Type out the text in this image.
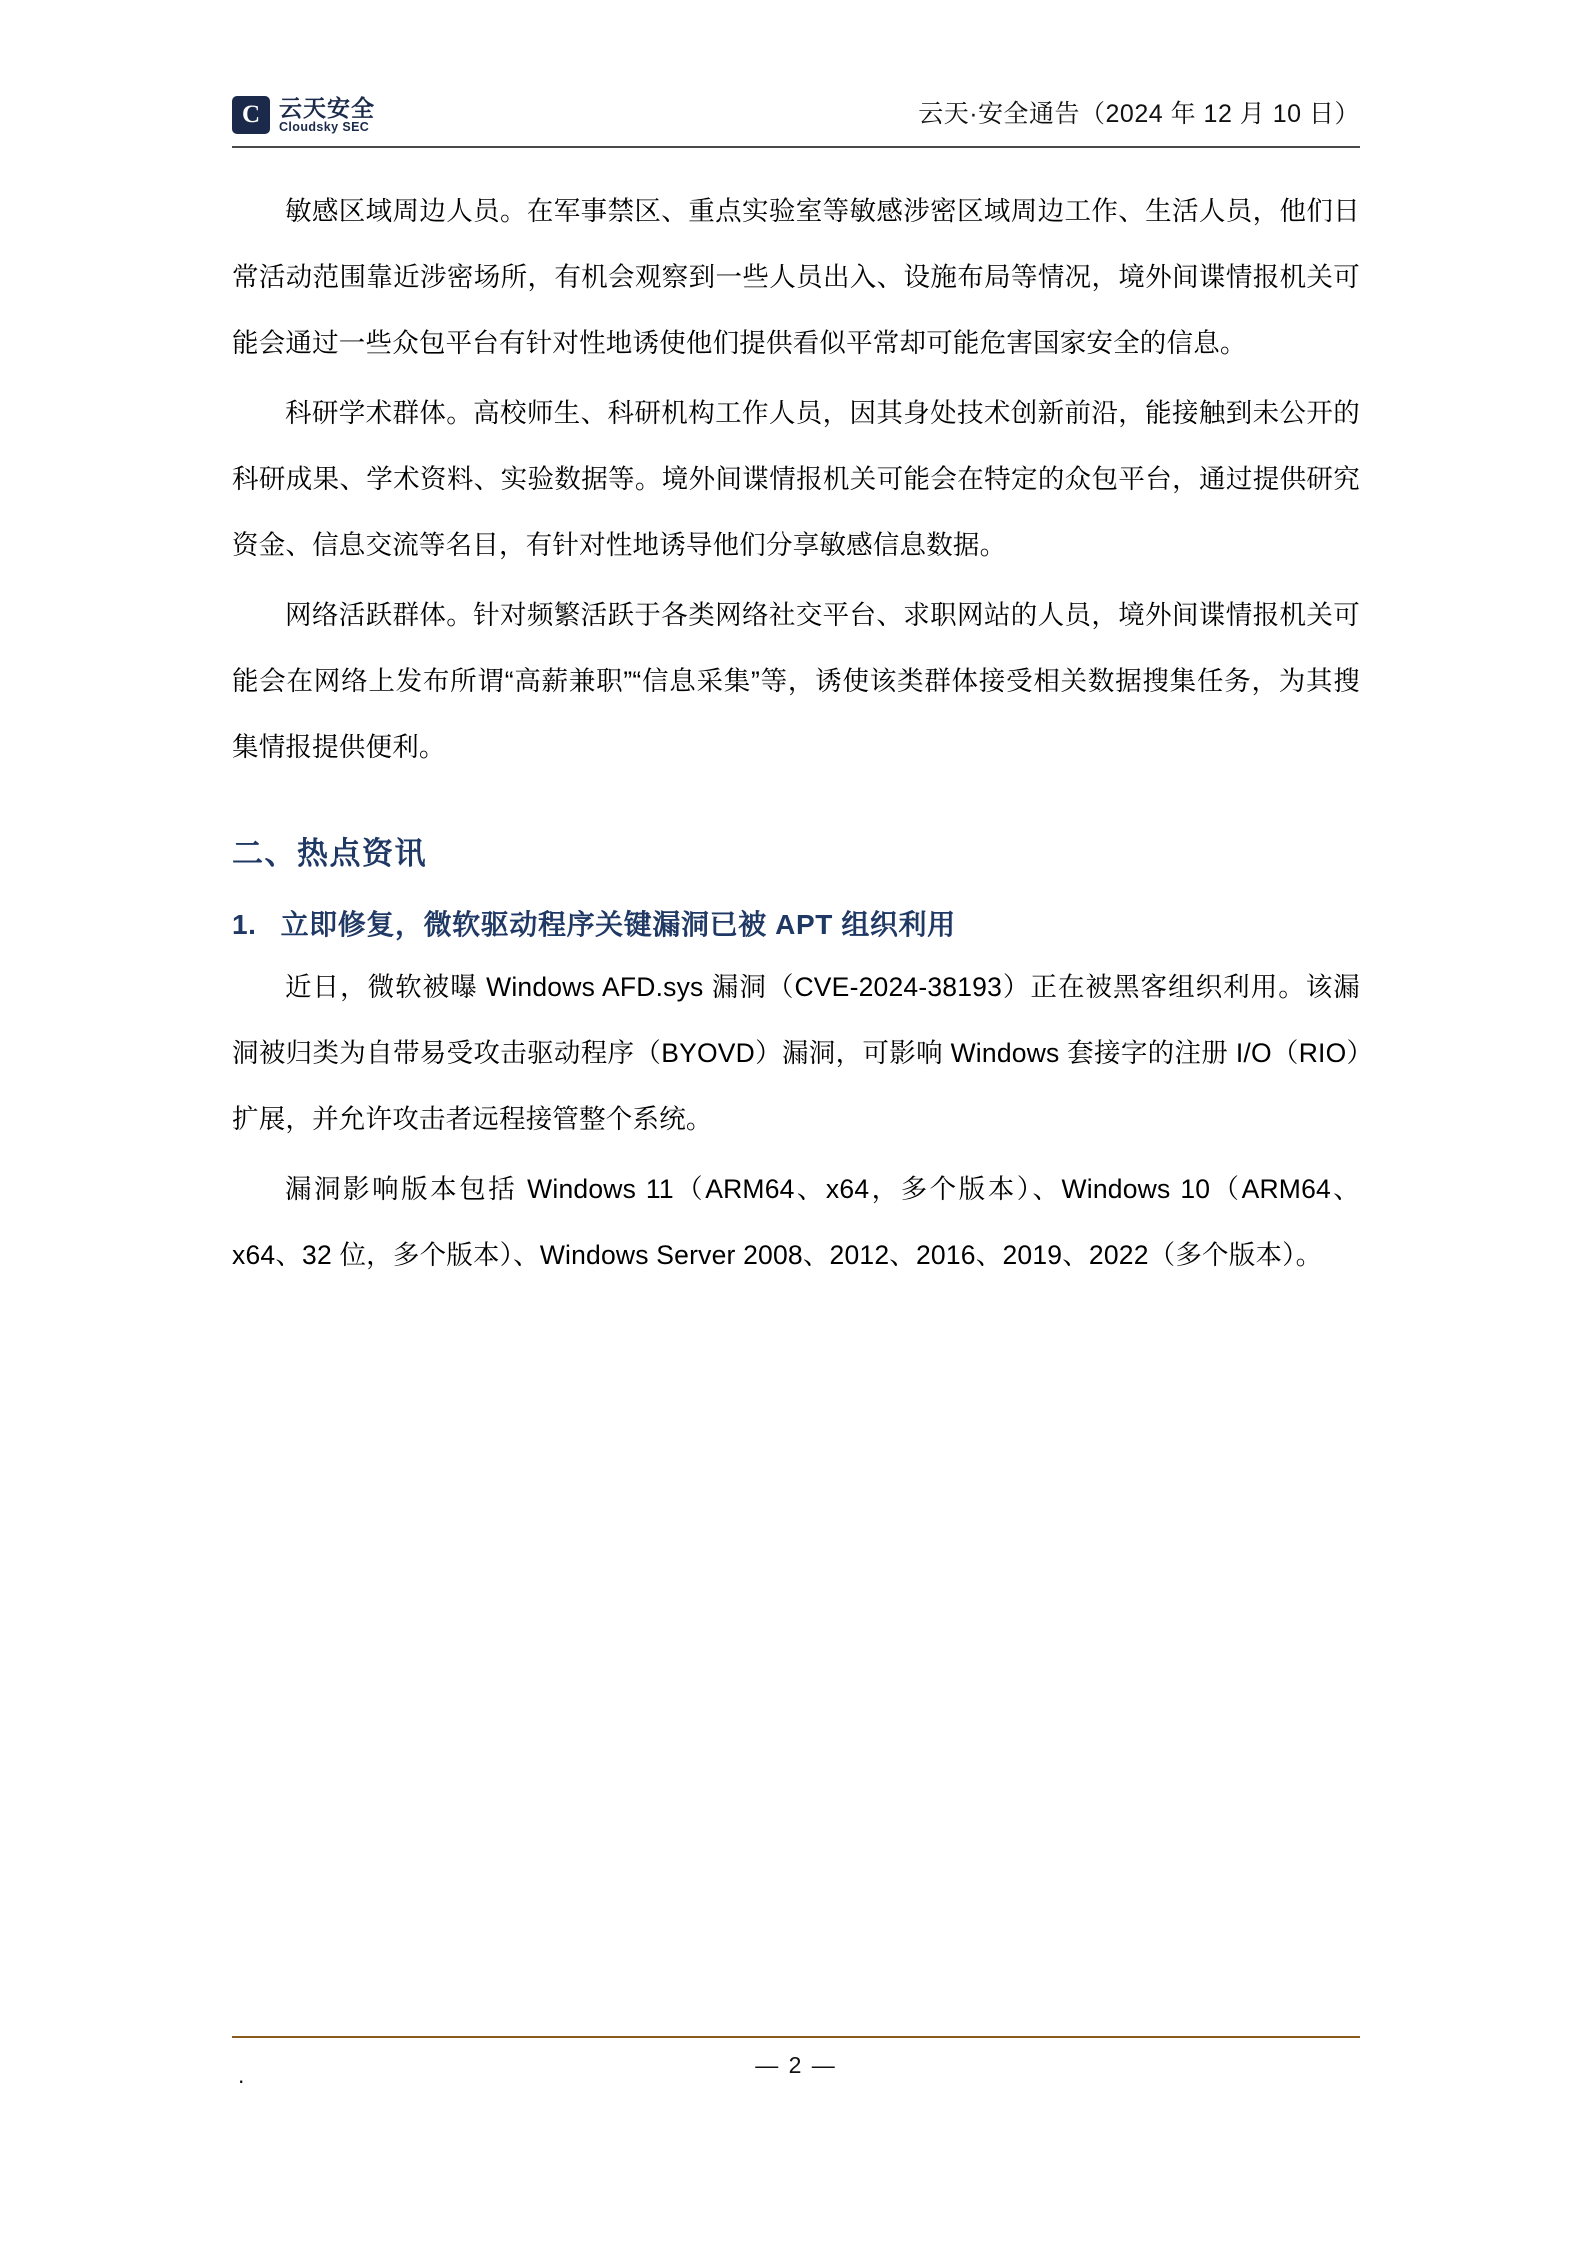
C 云天安全
Cloudsky SEC	云天·安全通告（2024 年 12 月 10 日）

敏感区域周边人员。在军事禁区、重点实验室等敏感涉密区域周边工作、生活人员，他们日常活动范围靠近涉密场所，有机会观察到一些人员出入、设施布局等情况，境外间谍情报机关可能会通过一些众包平台有针对性地诱使他们提供看似平常却可能危害国家安全的信息。

科研学术群体。高校师生、科研机构工作人员，因其身处技术创新前沿，能接触到未公开的科研成果、学术资料、实验数据等。境外间谍情报机关可能会在特定的众包平台，通过提供研究资金、信息交流等名目，有针对性地诱导他们分享敏感信息数据。

网络活跃群体。针对频繁活跃于各类网络社交平台、求职网站的人员，境外间谍情报机关可能会在网络上发布所谓“高薪兼职”“信息采集”等，诱使该类群体接受相关数据搜集任务，为其搜集情报提供便利。

二、热点资讯
1. 立即修复，微软驱动程序关键漏洞已被 APT 组织利用

近日，微软被曝 Windows AFD.sys 漏洞（CVE-2024-38193）正在被黑客组织利用。该漏洞被归类为自带易受攻击驱动程序（BYOVD）漏洞，可影响 Windows 套接字的注册 I/O（RIO）扩展，并允许攻击者远程接管整个系统。

漏洞影响版本包括 Windows 11（ARM64、x64，多个版本）、Windows 10（ARM64、x64、32 位，多个版本）、Windows Server 2008、2012、2016、2019、2022（多个版本）。

.	— 2 —
